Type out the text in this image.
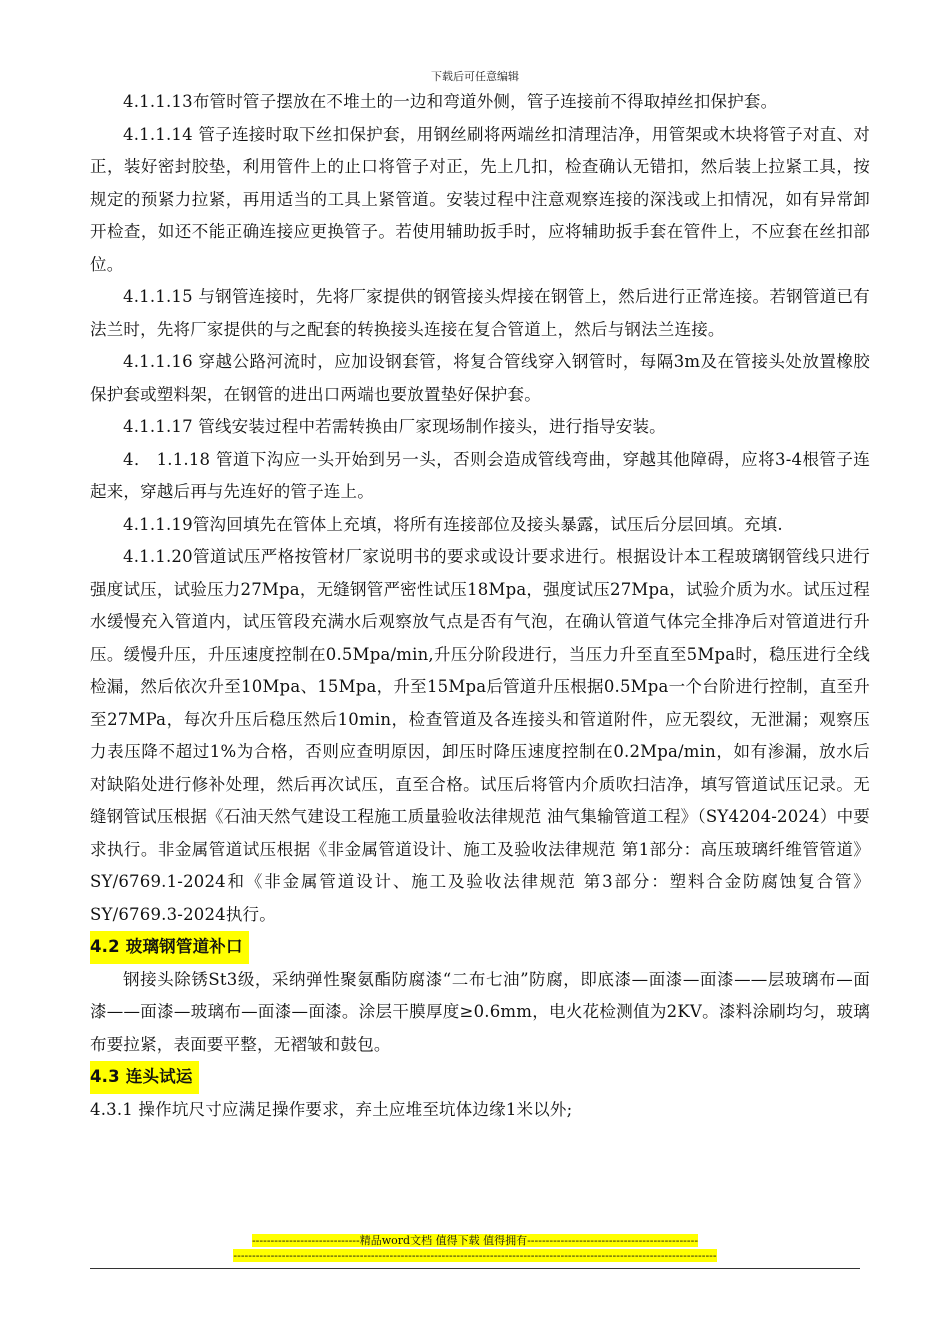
下载后可任意编辑

4.1.1.13布管时管子摆放在不堆土的一边和弯道外侧，管子连接前不得取掉丝扣保护套。

4.1.1.14 管子连接时取下丝扣保护套，用钢丝刷将两端丝扣清理洁净，用管架或木块将管子对直、对正，装好密封胶垫，利用管件上的止口将管子对正，先上几扣，检查确认无错扣，然后装上拉紧工具，按规定的预紧力拉紧，再用适当的工具上紧管道。安装过程中注意观察连接的深浅或上扣情况，如有异常卸开检查，如还不能正确连接应更换管子。若使用辅助扳手时，应将辅助扳手套在管件上，不应套在丝扣部位。

4.1.1.15 与钢管连接时，先将厂家提供的钢管接头焊接在钢管上，然后进行正常连接。若钢管道已有法兰时，先将厂家提供的与之配套的转换接头连接在复合管道上，然后与钢法兰连接。

4.1.1.16 穿越公路河流时，应加设钢套管，将复合管线穿入钢管时，每隔3m及在管接头处放置橡胶保护套或塑料架，在钢管的进出口两端也要放置垫好保护套。

4.1.1.17 管线安装过程中若需转换由厂家现场制作接头，进行指导安装。

4． 1.1.18 管道下沟应一头开始到另一头，否则会造成管线弯曲，穿越其他障碍，应将3-4根管子连起来，穿越后再与先连好的管子连上。

4.1.1.19管沟回填先在管体上充填，将所有连接部位及接头暴露，试压后分层回填。充填.

4.1.1.20管道试压严格按管材厂家说明书的要求或设计要求进行。根据设计本工程玻璃钢管线只进行强度试压，试验压力27Mpa，无缝钢管严密性试压18Mpa，强度试压27Mpa，试验介质为水。试压过程水缓慢充入管道内，试压管段充满水后观察放气点是否有气泡，在确认管道气体完全排净后对管道进行升压。缓慢升压，升压速度控制在0.5Mpa/min,升压分阶段进行，当压力升至直至5Mpa时，稳压进行全线检漏，然后依次升至10Mpa、15Mpa，升至15Mpa后管道升压根据0.5Mpa一个台阶进行控制，直至升至27MPa，每次升压后稳压然后10min，检查管道及各连接头和管道附件，应无裂纹，无泄漏；观察压力表压降不超过1%为合格，否则应查明原因，卸压时降压速度控制在0.2Mpa/min，如有渗漏，放水后对缺陷处进行修补处理，然后再次试压，直至合格。试压后将管内介质吹扫洁净，填写管道试压记录。无缝钢管试压根据《石油天然气建设工程施工质量验收法律规范 油气集输管道工程》（SY4204-2024）中要求执行。非金属管道试压根据《非金属管道设计、施工及验收法律规范 第1部分：高压玻璃纤维管管道》SY/6769.1-2024和《非金属管道设计、施工及验收法律规范 第3部分：塑料合金防腐蚀复合管》SY/6769.3-2024执行。

4.2 玻璃钢管道补口

钢接头除锈St3级，采纳弹性聚氨酯防腐漆“二布七油”防腐，即底漆—面漆—面漆——层玻璃布—面漆——面漆—玻璃布—面漆—面漆。涂层干膜厚度≥0.6mm，电火花检测值为2KV。漆料涂刷均匀，玻璃布要拉紧，表面要平整，无褶皱和鼓包。

4.3 连头试运

4.3.1 操作坑尺寸应满足操作要求，弃土应堆至坑体边缘1米以外;

-----------------------------精品word文档 值得下载 值得拥有----------------------------------------------
----------------------------------------------------------------------------------------------------------------------------------
